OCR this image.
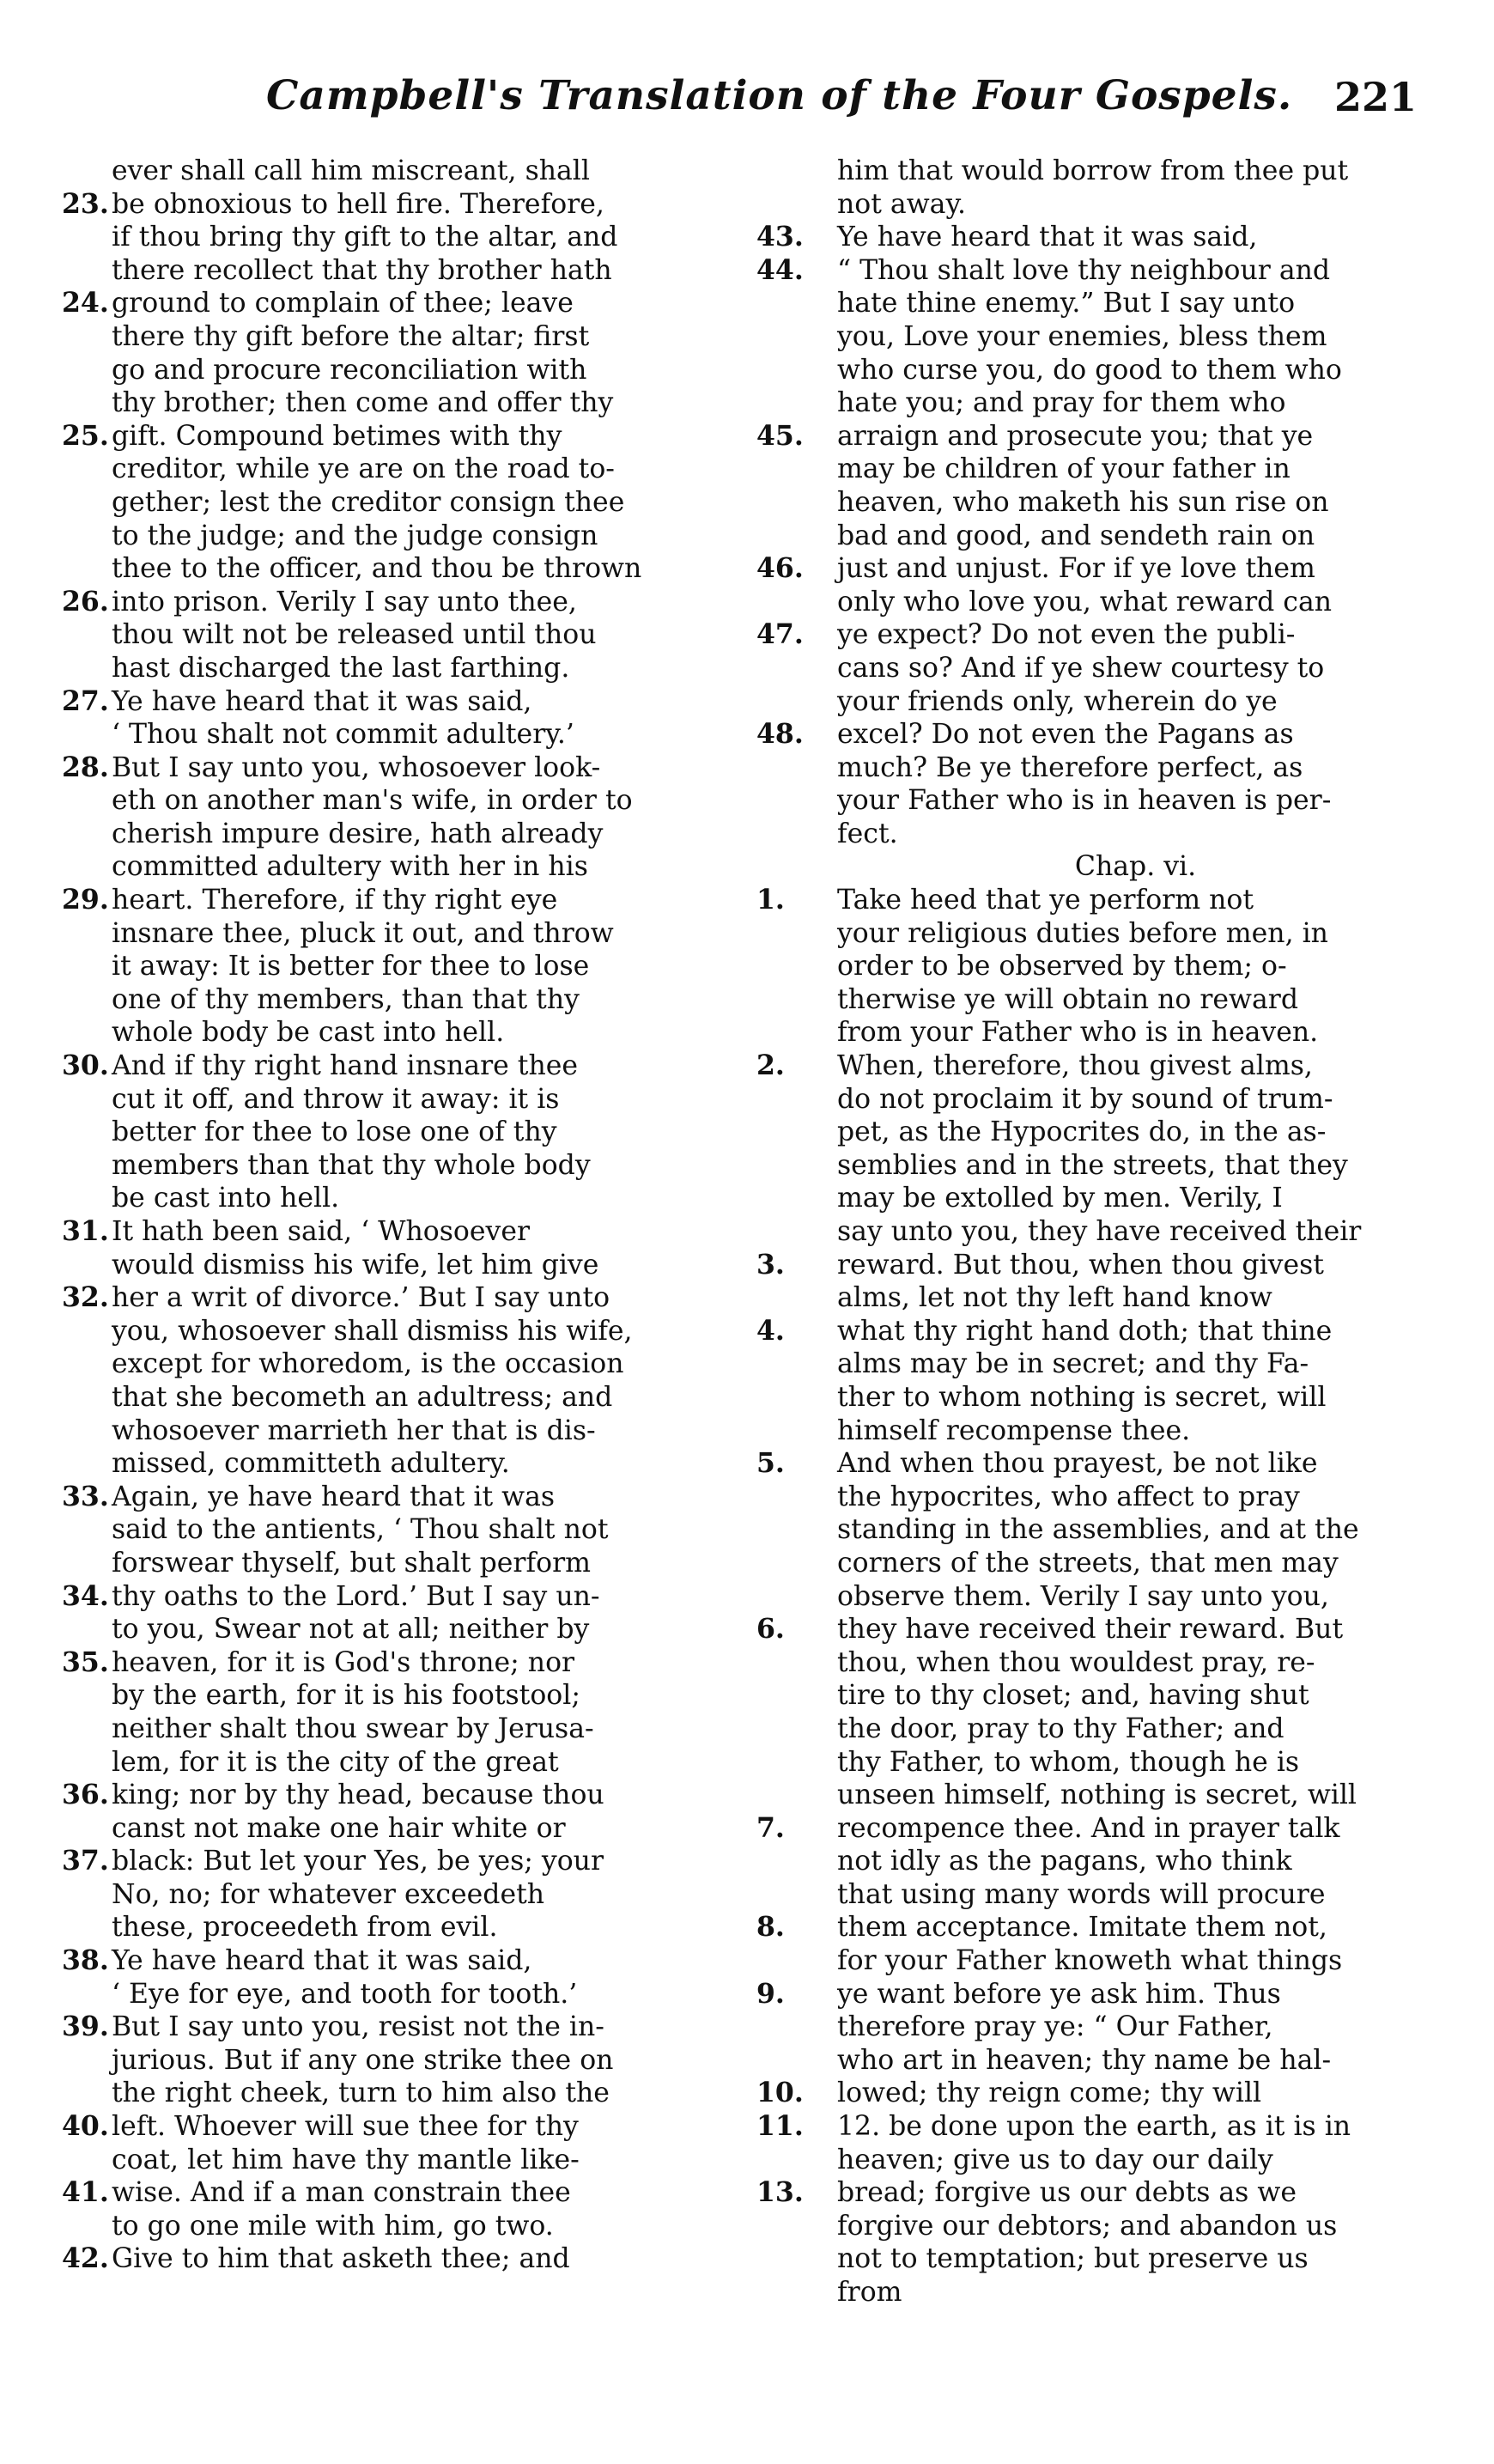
Campbell's Translation of the Four Gospels. 221
ever shall call him miscreant, shall
23. be obnoxious to hell fire. Therefore,
if thou bring thy gift to the altar, and
there recollect that thy brother hath
24. ground to complain of thee; leave
there thy gift before the altar; first
go and procure reconciliation with
thy brother; then come and offer thy
25. gift. Compound betimes with thy
creditor, while ye are on the road to-
gether; lest the creditor consign thee
to the judge; and the judge consign
thee to the officer, and thou be thrown
26. into prison. Verily I say unto thee,
thou wilt not be released until thou
hast discharged the last farthing.
27. Ye have heard that it was said,
‘ Thou shalt not commit adultery.’
28. But I say unto you, whosoever look-
eth on another man's wife, in order to
cherish impure desire, hath already
committed adultery with her in his
29. heart. Therefore, if thy right eye
insnare thee, pluck it out, and throw
it away: It is better for thee to lose
one of thy members, than that thy
whole body be cast into hell.
30. And if thy right hand insnare thee
cut it off, and throw it away: it is
better for thee to lose one of thy
members than that thy whole body
be cast into hell.
31. It hath been said, ‘ Whosoever
would dismiss his wife, let him give
32. her a writ of divorce.’ But I say unto
you, whosoever shall dismiss his wife,
except for whoredom, is the occasion
that she becometh an adultress; and
whosoever marrieth her that is dis-
missed, committeth adultery.
33. Again, ye have heard that it was
said to the antients, ‘ Thou shalt not
forswear thyself, but shalt perform
34. thy oaths to the Lord.’ But I say un-
to you, Swear not at all; neither by
35. heaven, for it is God's throne; nor
by the earth, for it is his footstool;
neither shalt thou swear by Jerusa-
lem, for it is the city of the great
36. king; nor by thy head, because thou
canst not make one hair white or
37. black: But let your Yes, be yes; your
No, no; for whatever exceedeth
these, proceedeth from evil.
38. Ye have heard that it was said,
‘ Eye for eye, and tooth for tooth.’
39. But I say unto you, resist not the in-
jurious. But if any one strike thee on
the right cheek, turn to him also the
40. left. Whoever will sue thee for thy
coat, let him have thy mantle like-
41. wise. And if a man constrain thee
to go one mile with him, go two.
42. Give to him that asketh thee; and
him that would borrow from thee put
not away.
43. Ye have heard that it was said,
44. “ Thou shalt love thy neighbour and
hate thine enemy.” But I say unto
you, Love your enemies, bless them
who curse you, do good to them who
hate you; and pray for them who
45. arraign and prosecute you; that ye
may be children of your father in
heaven, who maketh his sun rise on
bad and good, and sendeth rain on
46. just and unjust. For if ye love them
only who love you, what reward can
47. ye expect? Do not even the publi-
cans so? And if ye shew courtesy to
your friends only, wherein do ye
48. excel? Do not even the Pagans as
much? Be ye therefore perfect, as
your Father who is in heaven is per-
fect.
Chap. vi.
1.	Take heed that ye perform not
your religious duties before men, in
order to be observed by them; o-
therwise ye will obtain no reward
from your Father who is in heaven.
2.	When, therefore, thou givest alms,
do not proclaim it by sound of trum-
pet, as the Hypocrites do, in the as-
semblies and in the streets, that they
may be extolled by men. Verily, I
say unto you, they have received their
3.	reward. But thou, when thou givest
alms, let not thy left hand know
4.	what thy right hand doth; that thine
alms may be in secret; and thy Fa-
ther to whom nothing is secret, will
himself recompense thee.
5.	And when thou prayest, be not like
the hypocrites, who affect to pray
standing in the assemblies, and at the
corners of the streets, that men may
observe them. Verily I say unto you,
6.	they have received their reward. But
thou, when thou wouldest pray, re-
tire to thy closet; and, having shut
the door, pray to thy Father; and
thy Father, to whom, though he is
unseen himself, nothing is secret, will
7.	recompence thee. And in prayer talk
not idly as the pagans, who think
that using many words will procure
8.	them acceptance. Imitate them not,
for your Father knoweth what things
9.	ye want before ye ask him. Thus
therefore pray ye: “ Our Father,
who art in heaven; thy name be hal-
10. lowed; thy reign come; thy will
11. 12. be done upon the earth, as it is in
heaven; give us to day our daily
13. bread; forgive us our debts as we
forgive our debtors; and abandon us
not to temptation; but preserve us
from
